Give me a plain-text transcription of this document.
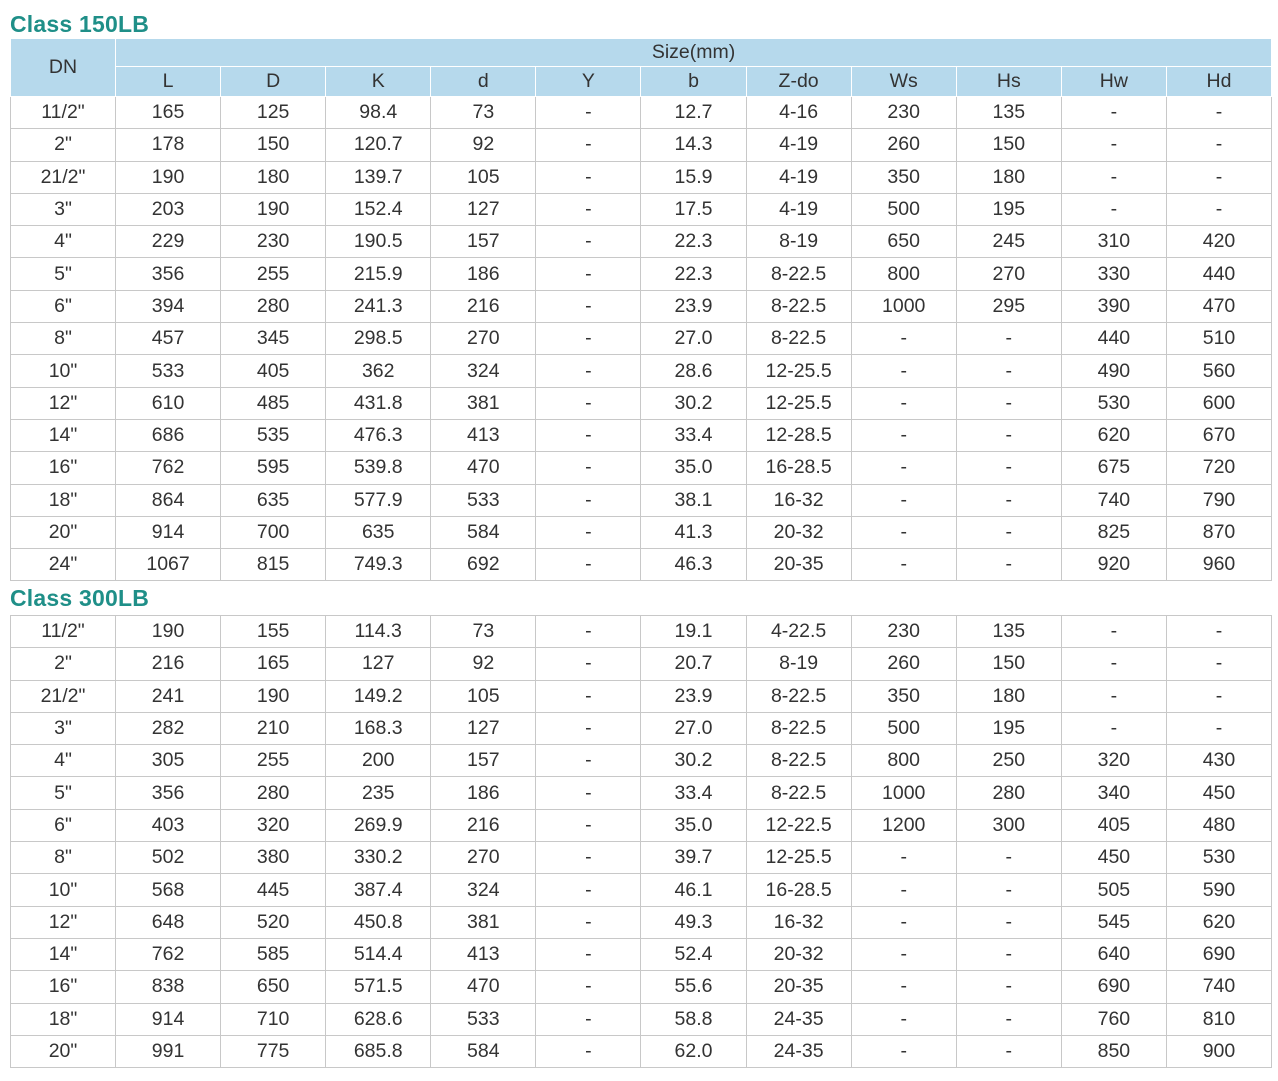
Class 150LB
DN	Size(mm)										
	L	D	K	d	Y	b	Z-do	Ws	Hs	Hw	Hd
11/2"	165	125	98.4	73	-	12.7	4-16	230	135	-	-
2"	178	150	120.7	92	-	14.3	4-19	260	150	-	-
21/2"	190	180	139.7	105	-	15.9	4-19	350	180	-	-
3"	203	190	152.4	127	-	17.5	4-19	500	195	-	-
4"	229	230	190.5	157	-	22.3	8-19	650	245	310	420
5"	356	255	215.9	186	-	22.3	8-22.5	800	270	330	440
6"	394	280	241.3	216	-	23.9	8-22.5	1000	295	390	470
8"	457	345	298.5	270	-	27.0	8-22.5	-	-	440	510
10"	533	405	362	324	-	28.6	12-25.5	-	-	490	560
12"	610	485	431.8	381	-	30.2	12-25.5	-	-	530	600
14"	686	535	476.3	413	-	33.4	12-28.5	-	-	620	670
16"	762	595	539.8	470	-	35.0	16-28.5	-	-	675	720
18"	864	635	577.9	533	-	38.1	16-32	-	-	740	790
20"	914	700	635	584	-	41.3	20-32	-	-	825	870
24"	1067	815	749.3	692	-	46.3	20-35	-	-	920	960
Class 300LB
11/2"	190	155	114.3	73	-	19.1	4-22.5	230	135	-	-
2"	216	165	127	92	-	20.7	8-19	260	150	-	-
21/2"	241	190	149.2	105	-	23.9	8-22.5	350	180	-	-
3"	282	210	168.3	127	-	27.0	8-22.5	500	195	-	-
4"	305	255	200	157	-	30.2	8-22.5	800	250	320	430
5"	356	280	235	186	-	33.4	8-22.5	1000	280	340	450
6"	403	320	269.9	216	-	35.0	12-22.5	1200	300	405	480
8"	502	380	330.2	270	-	39.7	12-25.5	-	-	450	530
10"	568	445	387.4	324	-	46.1	16-28.5	-	-	505	590
12"	648	520	450.8	381	-	49.3	16-32	-	-	545	620
14"	762	585	514.4	413	-	52.4	20-32	-	-	640	690
16"	838	650	571.5	470	-	55.6	20-35	-	-	690	740
18"	914	710	628.6	533	-	58.8	24-35	-	-	760	810
20"	991	775	685.8	584	-	62.0	24-35	-	-	850	900
